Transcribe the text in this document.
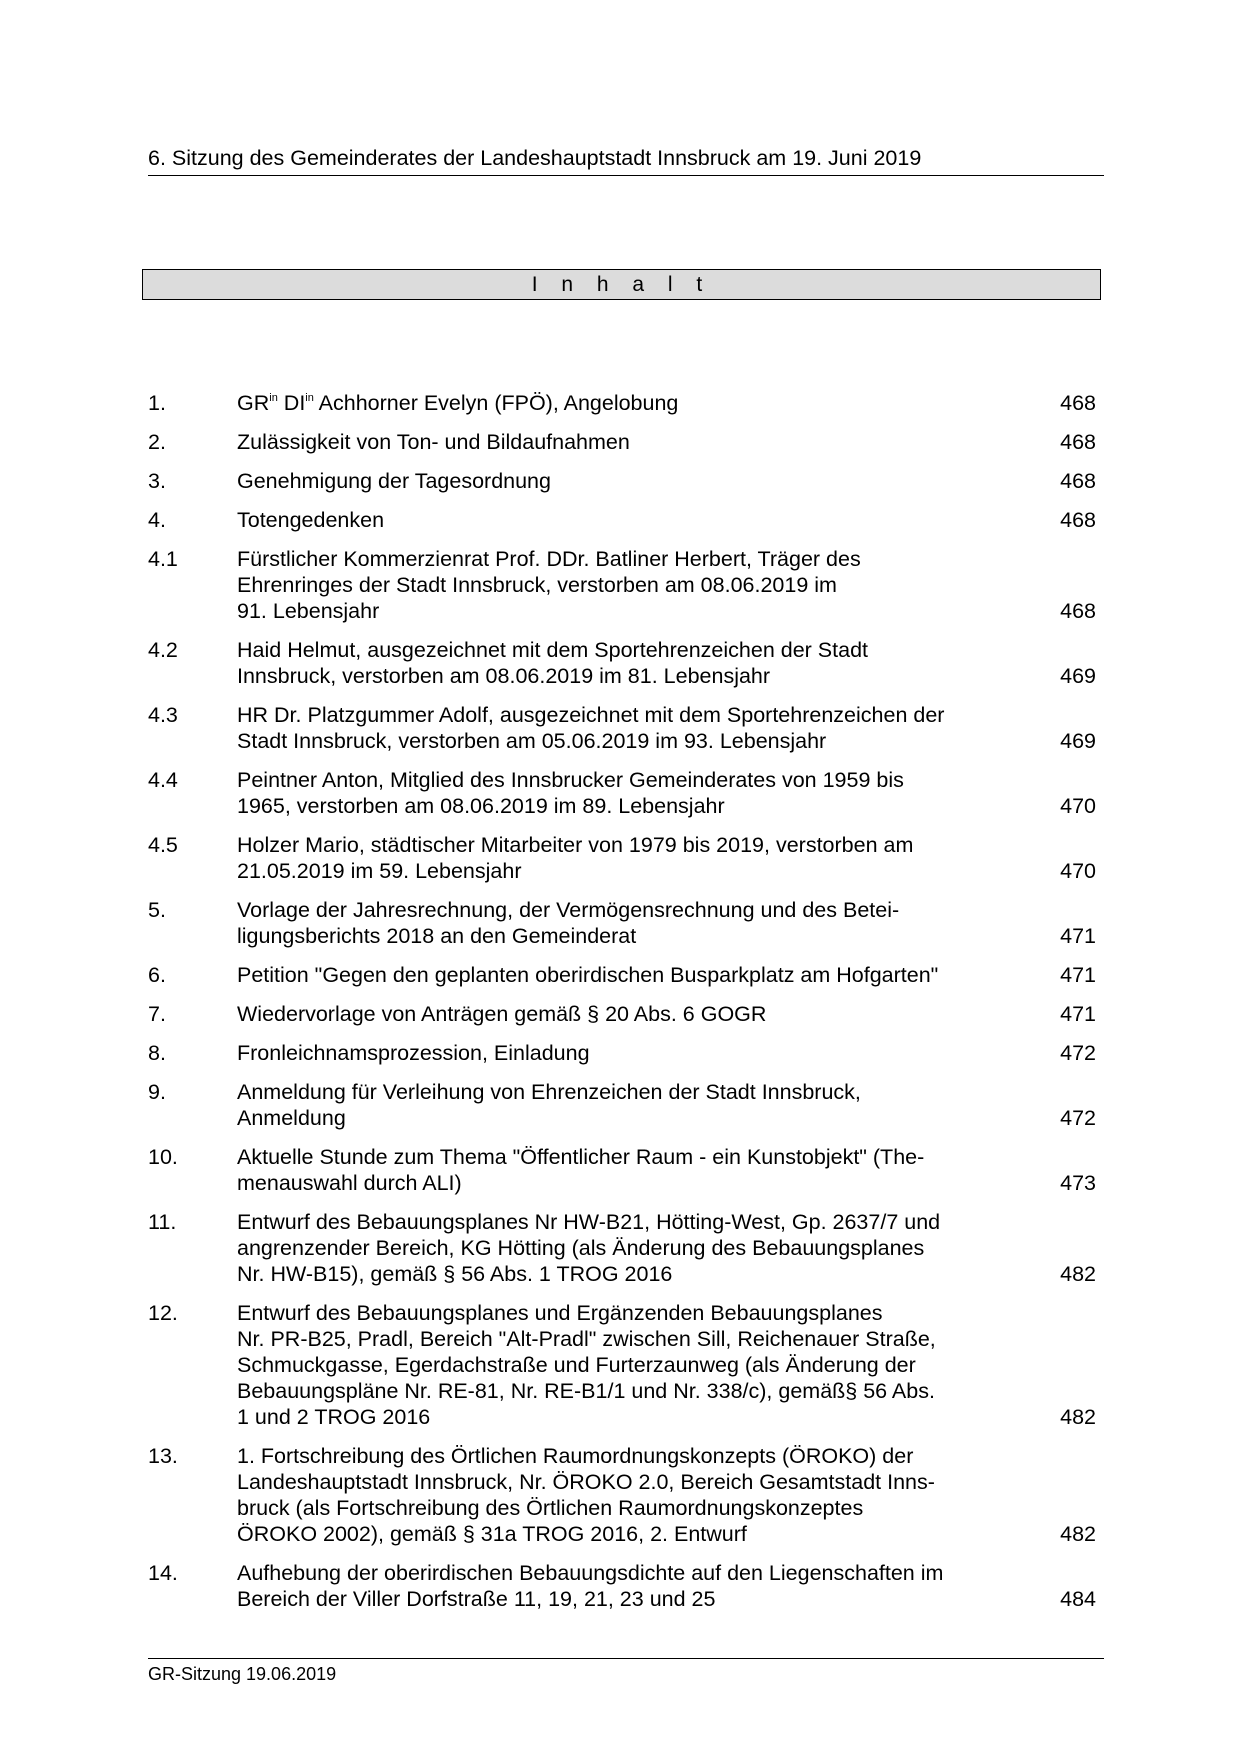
6. Sitzung des Gemeinderates der Landeshauptstadt Innsbruck am 19. Juni 2019
I n h a l t
1.	$GR^{in}$ $DI^{in}$ Achhorner Evelyn (FPÖ), Angelobung	468
2.	Zulässigkeit von Ton- und Bildaufnahmen	468
3.	Genehmigung der Tagesordnung	468
4.	Totengedenken	468
4.1	Fürstlicher Kommerzienrat Prof. DDr. Batliner Herbert, Träger des
Ehrenringes der Stadt Innsbruck, verstorben am 08.06.2019 im
91. Lebensjahr	468
4.2	Haid Helmut, ausgezeichnet mit dem Sportehrenzeichen der Stadt
Innsbruck, verstorben am 08.06.2019 im 81. Lebensjahr	469
4.3	HR Dr. Platzgummer Adolf, ausgezeichnet mit dem Sportehrenzeichen der
Stadt Innsbruck, verstorben am 05.06.2019 im 93. Lebensjahr	469
4.4	Peintner Anton, Mitglied des Innsbrucker Gemeinderates von 1959 bis
1965, verstorben am 08.06.2019 im 89. Lebensjahr	470
4.5	Holzer Mario, städtischer Mitarbeiter von 1979 bis 2019, verstorben am
21.05.2019 im 59. Lebensjahr	470
5.	Vorlage der Jahresrechnung, der Vermögensrechnung und des Betei-
ligungsberichts 2018 an den Gemeinderat	471
6.	Petition "Gegen den geplanten oberirdischen Busparkplatz am Hofgarten"	471
7.	Wiedervorlage von Anträgen gemäß § 20 Abs. 6 GOGR	471
8.	Fronleichnamsprozession, Einladung	472
9.	Anmeldung für Verleihung von Ehrenzeichen der Stadt Innsbruck,
Anmeldung	472
10.	Aktuelle Stunde zum Thema "Öffentlicher Raum - ein Kunstobjekt" (The-
menauswahl durch ALI)	473
11.	Entwurf des Bebauungsplanes Nr HW-B21, Hötting-West, Gp. 2637/7 und
angrenzender Bereich, KG Hötting (als Änderung des Bebauungsplanes
Nr. HW-B15), gemäß § 56 Abs. 1 TROG 2016	482
12.	Entwurf des Bebauungsplanes und Ergänzenden Bebauungsplanes
Nr. PR-B25, Pradl, Bereich "Alt-Pradl" zwischen Sill, Reichenauer Straße,
Schmuckgasse, Egerdachstraße und Furterzaunweg (als Änderung der
Bebauungspläne Nr. RE-81, Nr. RE-B1/1 und Nr. 338/c), gemäß§ 56 Abs.
1 und 2 TROG 2016	482
13.	1. Fortschreibung des Örtlichen Raumordnungskonzepts (ÖROKO) der
Landeshauptstadt Innsbruck, Nr. ÖROKO 2.0, Bereich Gesamtstadt Inns-
bruck (als Fortschreibung des Örtlichen Raumordnungskonzeptes
ÖROKO 2002), gemäß § 31a TROG 2016, 2. Entwurf	482
14.	Aufhebung der oberirdischen Bebauungsdichte auf den Liegenschaften im
Bereich der Viller Dorfstraße 11, 19, 21, 23 und 25	484
GR-Sitzung 19.06.2019
